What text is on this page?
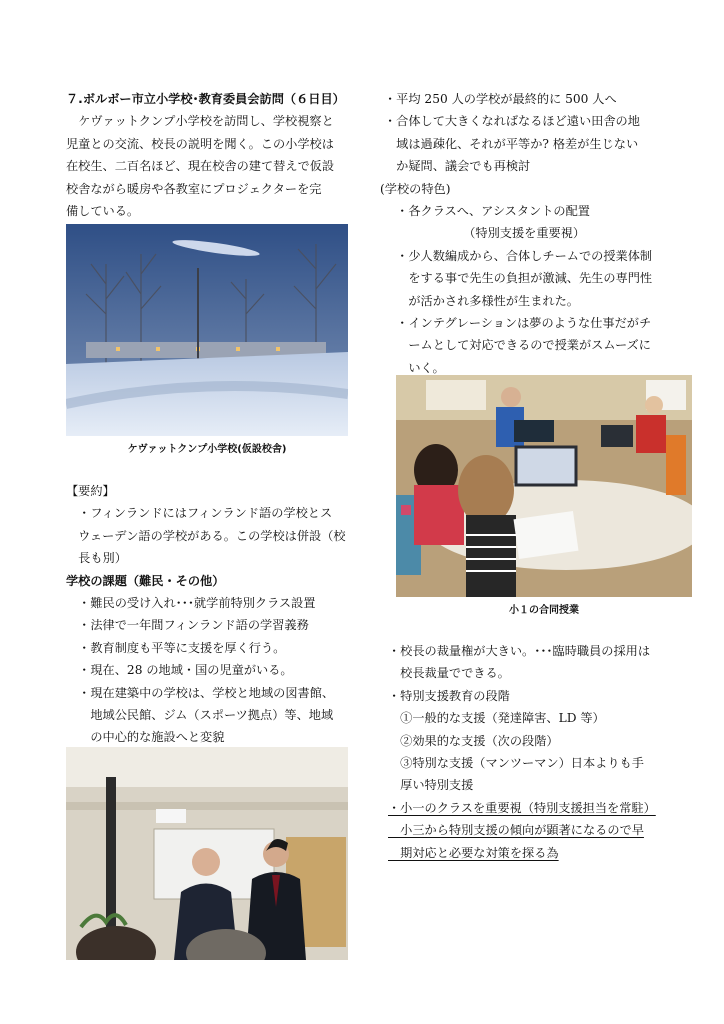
７.ボルボー市立小学校･教育委員会訪問（６日目）

　ケヴァットクンプ小学校を訪問し、学校視察と

児童との交流、校長の説明を聞く。この小学校は

在校生、二百名ほど、現在校舎の建て替えで仮設

校舎ながら暖房や各教室にプロジェクターを完

備している。

ケヴァットクンプ小学校(仮設校舎)

【要約】

　・フィンランドにはフィンランド語の学校とス

　ウェーデン語の学校がある。この学校は併設（校

　長も別）

学校の課題（難民・その他）

　・難民の受け入れ･･･就学前特別クラス設置

　・法律で一年間フィンランド語の学習義務

　・教育制度も平等に支援を厚く行う。

　・現在、28 の地域・国の児童がいる。

　・現在建築中の学校は、学校と地域の図書館、

　　地域公民館、ジム（スポーツ拠点）等、地域

　　の中心的な施設へと変貌

・平均 250 人の学校が最終的に 500 人へ

・合体して大きくなればなるほど遠い田舎の地

　域は過疎化、それが平等か? 格差が生じない

　か疑問、議会でも再検討

(学校の特色)

　・各クラスへ、アシスタントの配置

　　　　　　　（特別支援を重要視）

　・少人数編成から、合体しチームでの授業体制

　　をする事で先生の負担が激減、先生の専門性

　　が活かされ多様性が生まれた。

　・インテグレーションは夢のような仕事だがチ

　　ームとして対応できるので授業がスムーズに

　　いく。

小１の合同授業

・校長の裁量権が大きい。･･･臨時職員の採用は

　校長裁量でできる。

・特別支援教育の段階

　①一般的な支援（発達障害、LD 等）

　②効果的な支援（次の段階）

　③特別な支援（マンツーマン）日本よりも手

　厚い特別支援

・小一のクラスを重要視（特別支援担当を常駐）

　小三から特別支援の傾向が顕著になるので早

　期対応と必要な対策を探る為
